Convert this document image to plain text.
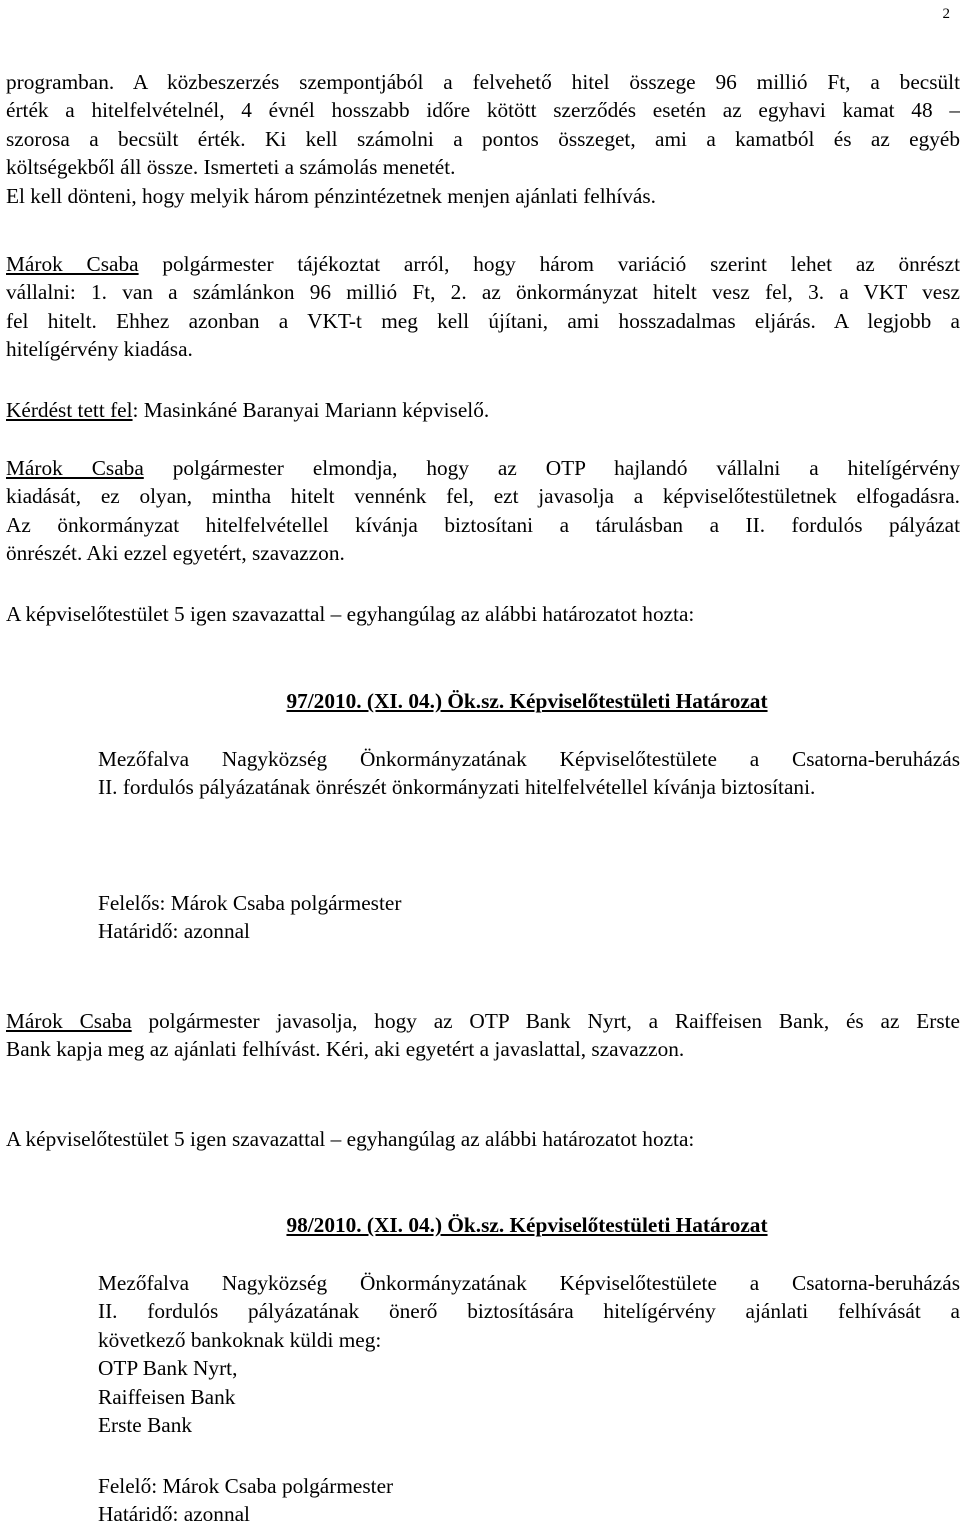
2
programban. A közbeszerzés szempontjából a felvehető hitel összege 96 millió Ft, a becsült
érték a hitelfelvételnél, 4 évnél hosszabb időre kötött szerződés esetén az egyhavi kamat 48 –
szorosa a becsült érték. Ki kell számolni a pontos összeget, ami a kamatból és az egyéb
költségekből áll össze. Ismerteti a számolás menetét.
El kell dönteni, hogy melyik három pénzintézetnek menjen ajánlati felhívás.
Márok Csaba polgármester tájékoztat arról, hogy három variáció szerint lehet az önrészt
vállalni: 1. van a számlánkon 96 millió Ft, 2. az önkormányzat hitelt vesz fel, 3. a VKT vesz
fel hitelt. Ehhez azonban a VKT-t meg kell újítani, ami hosszadalmas eljárás. A legjobb a
hitelígérvény kiadása.
Kérdést tett fel: Masinkáné Baranyai Mariann képviselő.
Márok Csaba polgármester elmondja, hogy az OTP hajlandó vállalni a hitelígérvény
kiadását, ez olyan, mintha hitelt vennénk fel, ezt javasolja a képviselőtestületnek elfogadásra.
Az önkormányzat hitelfelvétellel kívánja biztosítani a tárulásban a II. fordulós pályázat
önrészét. Aki ezzel egyetért, szavazzon.
A képviselőtestület 5 igen szavazattal – egyhangúlag az alábbi határozatot hozta:
97/2010. (XI. 04.) Ök.sz. Képviselőtestületi Határozat
Mezőfalva Nagyközség Önkormányzatának Képviselőtestülete a Csatorna-beruházás
II. fordulós pályázatának önrészét önkormányzati hitelfelvétellel kívánja biztosítani.
Felelős: Márok Csaba polgármester
Határidő: azonnal
Márok Csaba polgármester javasolja, hogy az OTP Bank Nyrt, a Raiffeisen Bank, és az Erste
Bank kapja meg az ajánlati felhívást. Kéri, aki egyetért a javaslattal, szavazzon.
A képviselőtestület 5 igen szavazattal – egyhangúlag az alábbi határozatot hozta:
98/2010. (XI. 04.) Ök.sz. Képviselőtestületi Határozat
Mezőfalva Nagyközség Önkormányzatának Képviselőtestülete a Csatorna-beruházás
II. fordulós pályázatának önerő biztosítására hitelígérvény ajánlati felhívását a
következő bankoknak küldi meg:
OTP Bank Nyrt,
Raiffeisen Bank
Erste Bank
Felelő: Márok Csaba polgármester
Határidő: azonnal
